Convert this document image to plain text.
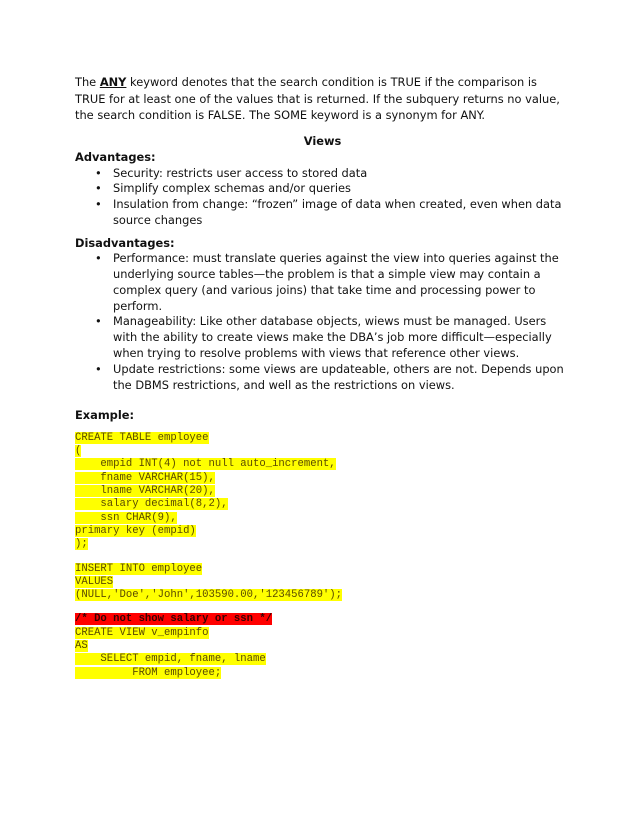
The ANY keyword denotes that the search condition is TRUE if the comparison is TRUE for at least one of the values that is returned. If the subquery returns no value, the search condition is FALSE. The SOME keyword is a synonym for ANY.

Views
Advantages:
• Security: restricts user access to stored data
• Simplify complex schemas and/or queries
• Insulation from change: “frozen” image of data when created, even when data source changes
Disadvantages:
• Performance: must translate queries against the view into queries against the underlying source tables—the problem is that a simple view may contain a complex query (and various joins) that take time and processing power to perform.
• Manageability: Like other database objects, wiews must be managed. Users with the ability to create views make the DBA’s job more difficult—especially when trying to resolve problems with views that reference other views.
• Update restrictions: some views are updateable, others are not. Depends upon the DBMS restrictions, and well as the restrictions on views.
Example:
CREATE TABLE employee
(
empid INT(4) not null auto_increment,
fname VARCHAR(15),
lname VARCHAR(20),
salary decimal(8,2),
ssn CHAR(9),
primary key (empid)
);
INSERT INTO employee
VALUES
(NULL,'Doe','John',103590.00,'123456789');
/* Do not show salary or ssn */
CREATE VIEW v_empinfo
AS
SELECT empid, fname, lname
FROM employee;
